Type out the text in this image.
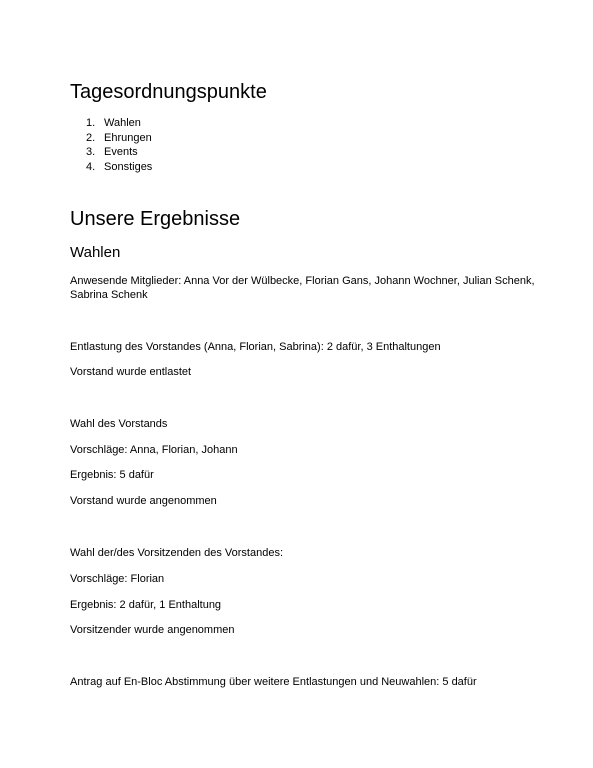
Tagesordnungspunkte
1. Wahlen
2. Ehrungen
3. Events
4. Sonstiges
Unsere Ergebnisse
Wahlen

Anwesende Mitglieder: Anna Vor der Wülbecke, Florian Gans, Johann Wochner, Julian Schenk, Sabrina Schenk

Entlastung des Vorstandes (Anna, Florian, Sabrina): 2 dafür, 3 Enthaltungen

Vorstand wurde entlastet

Wahl des Vorstands

Vorschläge: Anna, Florian, Johann

Ergebnis: 5 dafür

Vorstand wurde angenommen

Wahl der/des Vorsitzenden des Vorstandes:

Vorschläge: Florian

Ergebnis: 2 dafür, 1 Enthaltung

Vorsitzender wurde angenommen

Antrag auf En-Bloc Abstimmung über weitere Entlastungen und Neuwahlen: 5 dafür
